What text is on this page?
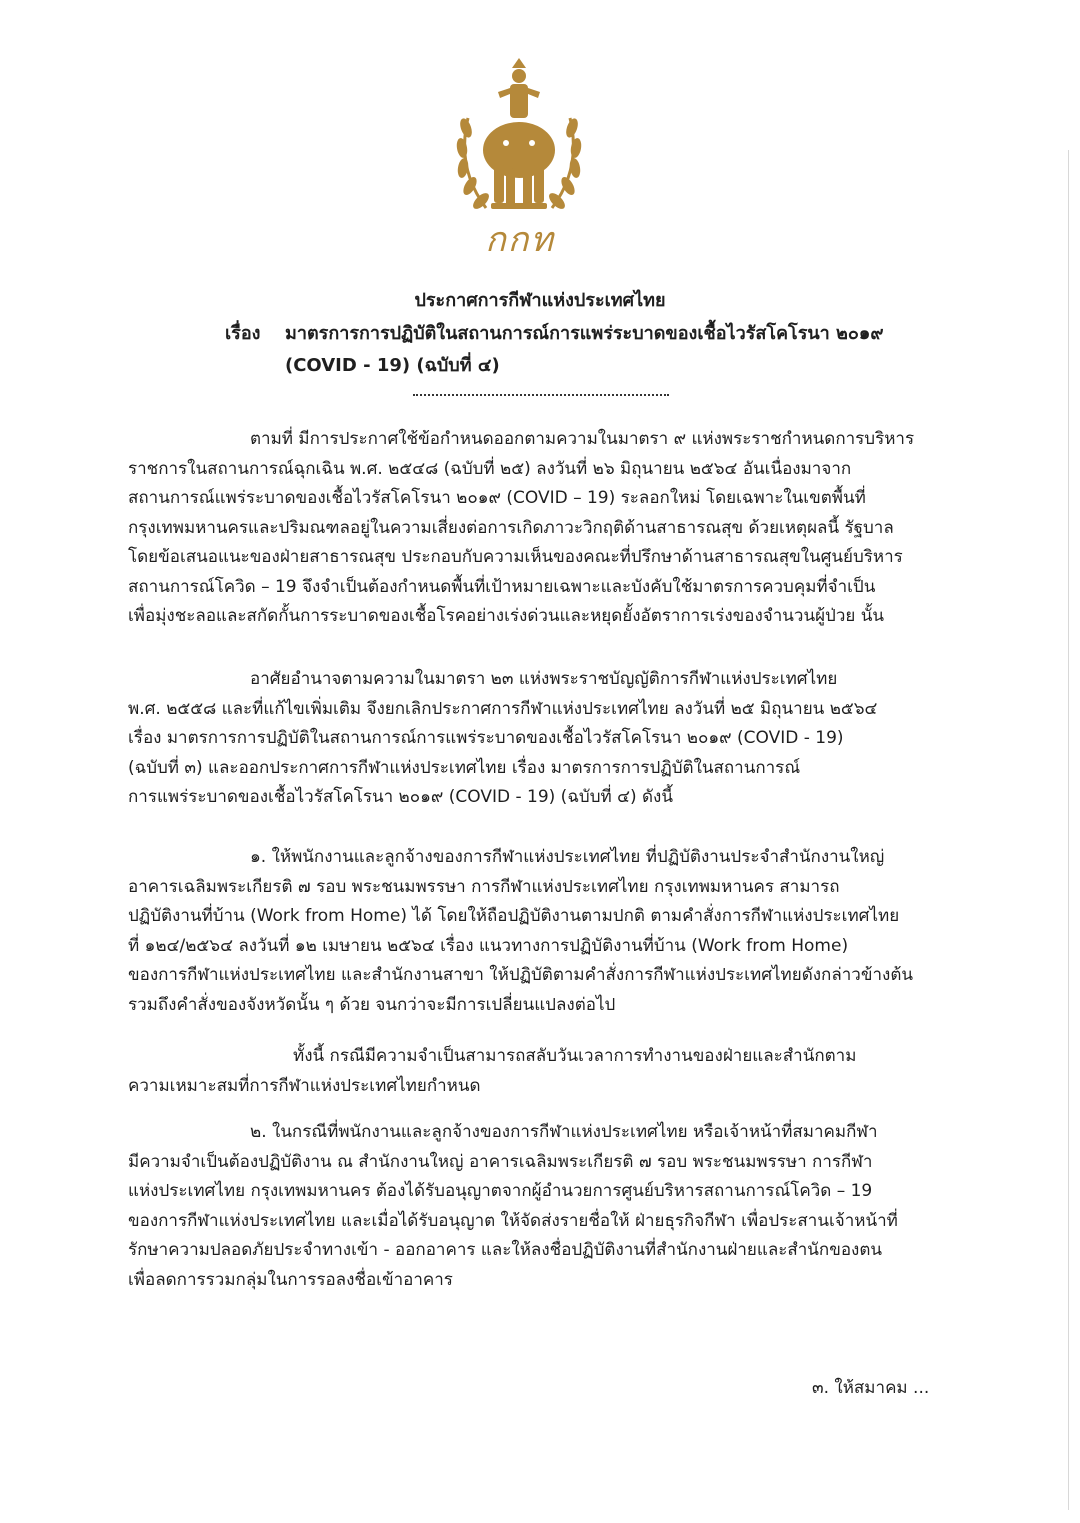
กกท
ประกาศการกีฬาแห่งประเทศไทย
เรื่อง มาตรการการปฏิบัติในสถานการณ์การแพร่ระบาดของเชื้อไวรัสโคโรนา ๒๐๑๙
(COVID - 19) (ฉบับที่ ๔)
ตามที่ มีการประกาศใช้ข้อกำหนดออกตามความในมาตรา ๙ แห่งพระราชกำหนดการบริหาร
ราชการในสถานการณ์ฉุกเฉิน พ.ศ. ๒๕๔๘ (ฉบับที่ ๒๕) ลงวันที่ ๒๖ มิถุนายน ๒๕๖๔ อันเนื่องมาจาก
สถานการณ์แพร่ระบาดของเชื้อไวรัสโคโรนา ๒๐๑๙ (COVID – 19) ระลอกใหม่ โดยเฉพาะในเขตพื้นที่
กรุงเทพมหานครและปริมณฑลอยู่ในความเสี่ยงต่อการเกิดภาวะวิกฤติด้านสาธารณสุข ด้วยเหตุผลนี้ รัฐบาล
โดยข้อเสนอแนะของฝ่ายสาธารณสุข ประกอบกับความเห็นของคณะที่ปรึกษาด้านสาธารณสุขในศูนย์บริหาร
สถานการณ์โควิด – 19 จึงจำเป็นต้องกำหนดพื้นที่เป้าหมายเฉพาะและบังคับใช้มาตรการควบคุมที่จำเป็น
เพื่อมุ่งชะลอและสกัดกั้นการระบาดของเชื้อโรคอย่างเร่งด่วนและหยุดยั้งอัตราการเร่งของจำนวนผู้ป่วย นั้น
อาศัยอำนาจตามความในมาตรา ๒๓ แห่งพระราชบัญญัติการกีฬาแห่งประเทศไทย
พ.ศ. ๒๕๕๘ และที่แก้ไขเพิ่มเติม จึงยกเลิกประกาศการกีฬาแห่งประเทศไทย ลงวันที่ ๒๕ มิถุนายน ๒๕๖๔
เรื่อง มาตรการการปฏิบัติในสถานการณ์การแพร่ระบาดของเชื้อไวรัสโคโรนา ๒๐๑๙ (COVID - 19)
(ฉบับที่ ๓) และออกประกาศการกีฬาแห่งประเทศไทย เรื่อง มาตรการการปฏิบัติในสถานการณ์
การแพร่ระบาดของเชื้อไวรัสโคโรนา ๒๐๑๙ (COVID - 19) (ฉบับที่ ๔) ดังนี้
๑. ให้พนักงานและลูกจ้างของการกีฬาแห่งประเทศไทย ที่ปฏิบัติงานประจำสำนักงานใหญ่
อาคารเฉลิมพระเกียรติ ๗ รอบ พระชนมพรรษา การกีฬาแห่งประเทศไทย กรุงเทพมหานคร สามารถ
ปฏิบัติงานที่บ้าน (Work from Home) ได้ โดยให้ถือปฏิบัติงานตามปกติ ตามคำสั่งการกีฬาแห่งประเทศไทย
ที่ ๑๒๔/๒๕๖๔ ลงวันที่ ๑๒ เมษายน ๒๕๖๔ เรื่อง แนวทางการปฏิบัติงานที่บ้าน (Work from Home)
ของการกีฬาแห่งประเทศไทย และสำนักงานสาขา ให้ปฏิบัติตามคำสั่งการกีฬาแห่งประเทศไทยดังกล่าวข้างต้น
รวมถึงคำสั่งของจังหวัดนั้น ๆ ด้วย จนกว่าจะมีการเปลี่ยนแปลงต่อไป
ทั้งนี้ กรณีมีความจำเป็นสามารถสลับวันเวลาการทำงานของฝ่ายและสำนักตาม
ความเหมาะสมที่การกีฬาแห่งประเทศไทยกำหนด
๒. ในกรณีที่พนักงานและลูกจ้างของการกีฬาแห่งประเทศไทย หรือเจ้าหน้าที่สมาคมกีฬา
มีความจำเป็นต้องปฏิบัติงาน ณ สำนักงานใหญ่ อาคารเฉลิมพระเกียรติ ๗ รอบ พระชนมพรรษา การกีฬา
แห่งประเทศไทย กรุงเทพมหานคร ต้องได้รับอนุญาตจากผู้อำนวยการศูนย์บริหารสถานการณ์โควิด – 19
ของการกีฬาแห่งประเทศไทย และเมื่อได้รับอนุญาต ให้จัดส่งรายชื่อให้ ฝ่ายธุรกิจกีฬา เพื่อประสานเจ้าหน้าที่
รักษาความปลอดภัยประจำทางเข้า - ออกอาคาร และให้ลงชื่อปฏิบัติงานที่สำนักงานฝ่ายและสำนักของตน
เพื่อลดการรวมกลุ่มในการรอลงชื่อเข้าอาคาร
๓. ให้สมาคม ...
